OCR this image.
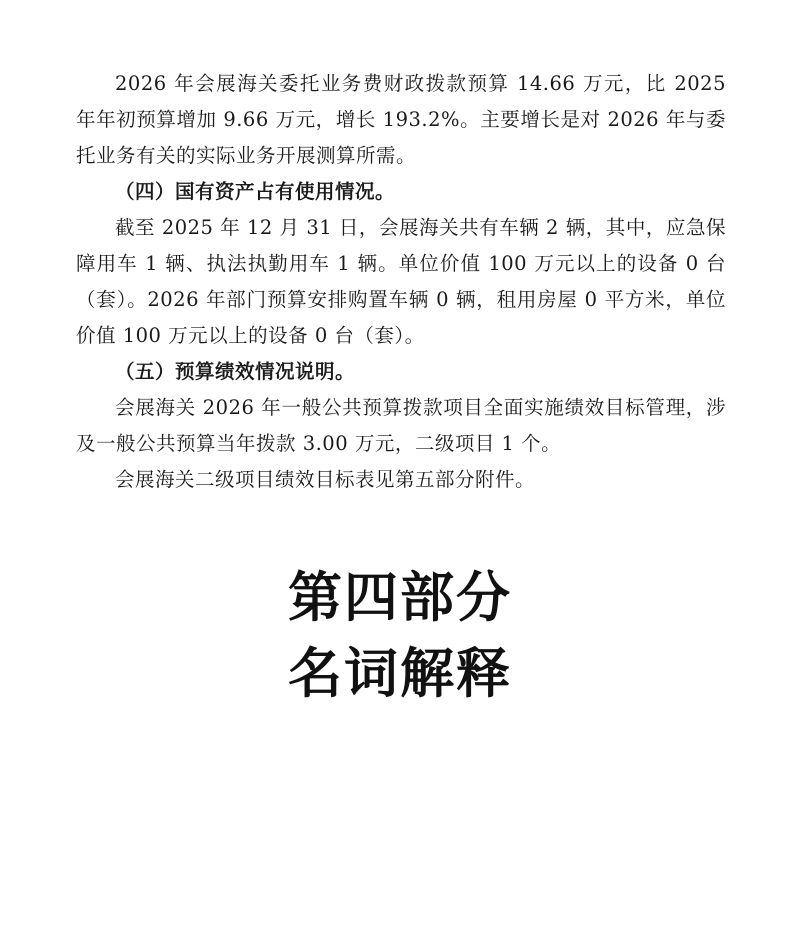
2026 年会展海关委托业务费财政拨款预算 14.66 万元，比 2025 年年初预算增加 9.66 万元，增长 193.2%。主要增长是对 2026 年与委托业务有关的实际业务开展测算所需。

（四）国有资产占有使用情况。

截至 2025 年 12 月 31 日，会展海关共有车辆 2 辆，其中，应急保障用车 1 辆、执法执勤用车 1 辆。单位价值 100 万元以上的设备 0 台（套）。2026 年部门预算安排购置车辆 0 辆，租用房屋 0 平方米，单位价值 100 万元以上的设备 0 台（套）。

（五）预算绩效情况说明。

会展海关 2026 年一般公共预算拨款项目全面实施绩效目标管理，涉及一般公共预算当年拨款 3.00 万元，二级项目 1 个。

会展海关二级项目绩效目标表见第五部分附件。

第四部分
名词解释
